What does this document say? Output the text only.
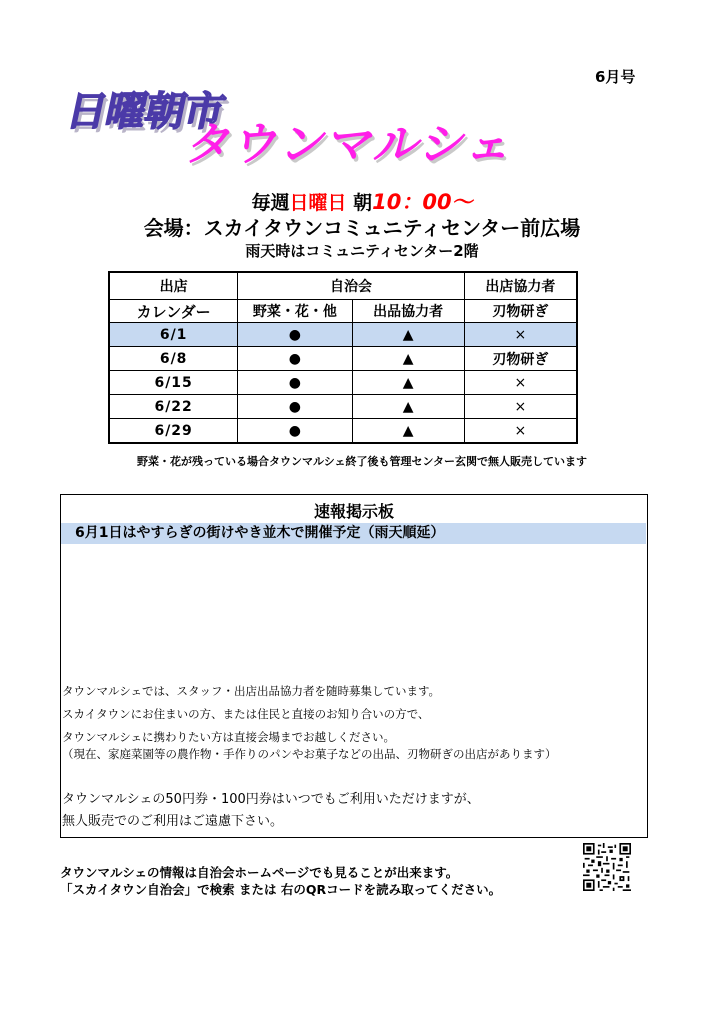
6月号
日曜朝市
タウンマルシェ
毎週日曜日 朝10：00～
会場：スカイタウンコミュニティセンター前広場
雨天時はコミュニティセンター2階
出店	自治会		出店協力者
カレンダー	野菜・花・他	出品協力者	刃物研ぎ
6/1	●	▲	×
6/8	●	▲	刃物研ぎ
6/15	●	▲	×
6/22	●	▲	×
6/29	●	▲	×
野菜・花が残っている場合タウンマルシェ終了後も管理センター玄関で無人販売しています
速報掲示板
6月1日はやすらぎの街けやき並木で開催予定（雨天順延）
タウンマルシェでは、スタッフ・出店出品協力者を随時募集しています。
スカイタウンにお住まいの方、または住民と直接のお知り合いの方で、
タウンマルシェに携わりたい方は直接会場までお越しください。
（現在、家庭菜園等の農作物・手作りのパンやお菓子などの出品、刃物研ぎの出店があります）
タウンマルシェの50円券・100円券はいつでもご利用いただけますが、
無人販売でのご利用はご遠慮下さい。
タウンマルシェの情報は自治会ホームページでも見ることが出来ます。
「スカイタウン自治会」で検索 または 右のQRコードを読み取ってください。
